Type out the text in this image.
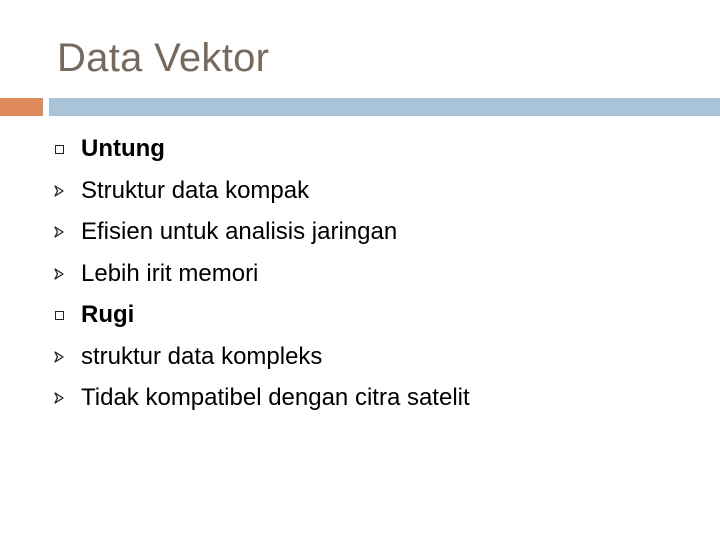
Data Vektor
Untung
Struktur data kompak
Efisien untuk analisis jaringan
Lebih irit memori
Rugi
struktur data kompleks
Tidak kompatibel dengan citra satelit
